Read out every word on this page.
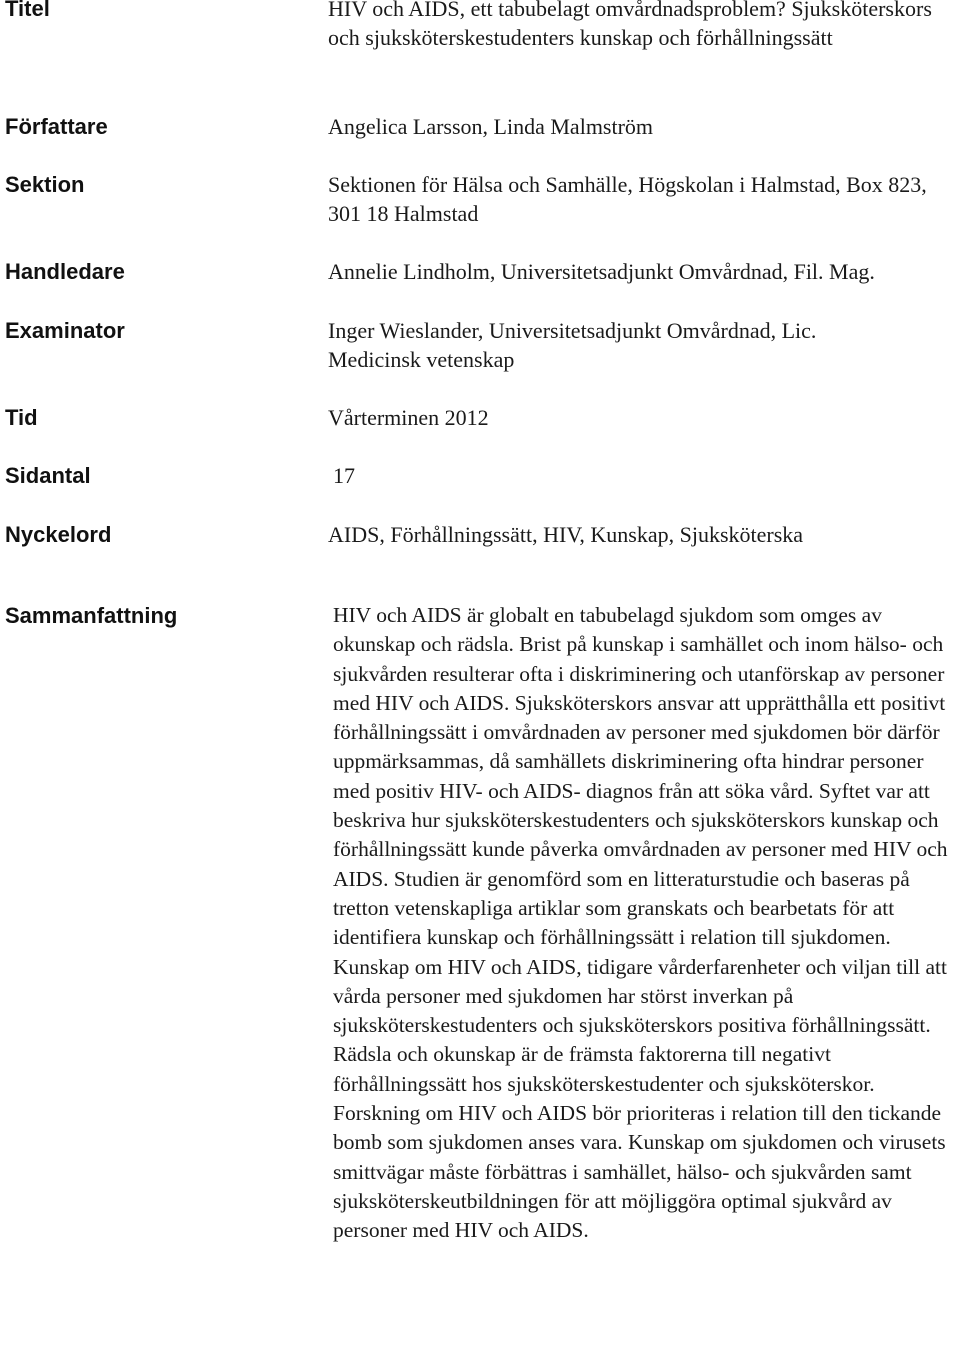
Titel	HIV och AIDS, ett tabubelagt omvårdnadsproblem? Sjuksköterskors och sjuksköterskestudenters kunskap och förhållningssätt
Författare	Angelica Larsson, Linda Malmström
Sektion	Sektionen för Hälsa och Samhälle, Högskolan i Halmstad, Box 823, 301 18 Halmstad
Handledare	Annelie Lindholm, Universitetsadjunkt Omvårdnad, Fil. Mag.
Examinator	Inger Wieslander, Universitetsadjunkt Omvårdnad, Lic. Medicinsk vetenskap
Tid	Vårterminen 2012
Sidantal	17
Nyckelord	AIDS, Förhållningssätt, HIV, Kunskap, Sjuksköterska
Sammanfattning	HIV och AIDS är globalt en tabubelagd sjukdom som omges av okunskap och rädsla. Brist på kunskap i samhället och inom hälso- och sjukvården resulterar ofta i diskriminering och utanförskap av personer med HIV och AIDS. Sjuksköterskors ansvar att upprätthålla ett positivt förhållningssätt i omvårdnaden av personer med sjukdomen bör därför uppmärksammas, då samhällets diskriminering ofta hindrar personer med positiv HIV- och AIDS- diagnos från att söka vård. Syftet var att beskriva hur sjuksköterskestudenters och sjuksköterskors kunskap och förhållningssätt kunde påverka omvårdnaden av personer med HIV och AIDS. Studien är genomförd som en litteraturstudie och baseras på tretton vetenskapliga artiklar som granskats och bearbetats för att identifiera kunskap och förhållningssätt i relation till sjukdomen. Kunskap om HIV och AIDS, tidigare vårderfarenheter och viljan till att vårda personer med sjukdomen har störst inverkan på sjuksköterskestudenters och sjuksköterskors positiva förhållningssätt. Rädsla och okunskap är de främsta faktorerna till negativt förhållningssätt hos sjuksköterskestudenter och sjuksköterskor. Forskning om HIV och AIDS bör prioriteras i relation till den tickande bomb som sjukdomen anses vara. Kunskap om sjukdomen och virusets smittvägar måste förbättras i samhället, hälso- och sjukvården samt sjuksköterskeutbildningen för att möjliggöra optimal sjukvård av personer med HIV och AIDS.
